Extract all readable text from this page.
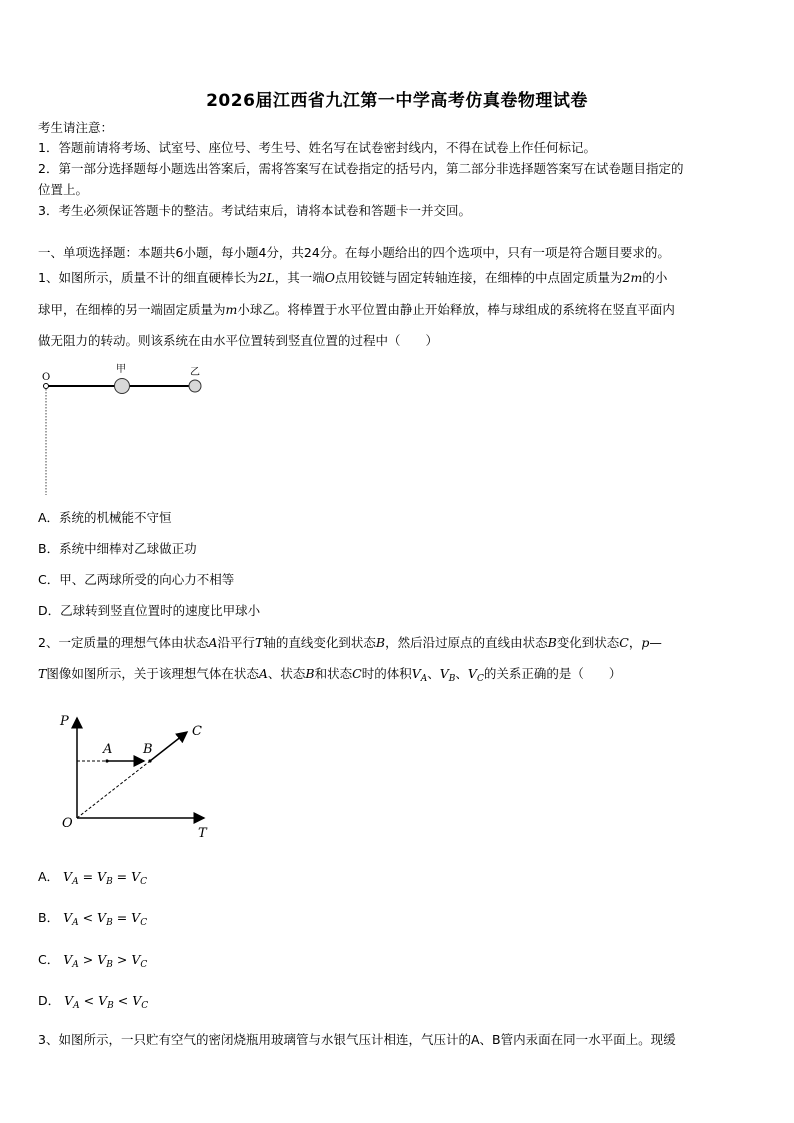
2026届江西省九江第一中学高考仿真卷物理试卷
考生请注意：
1．答题前请将考场、试室号、座位号、考生号、姓名写在试卷密封线内，不得在试卷上作任何标记。
2．第一部分选择题每小题选出答案后，需将答案写在试卷指定的括号内，第二部分非选择题答案写在试卷题目指定的
位置上。
3．考生必须保证答题卡的整洁。考试结束后，请将本试卷和答题卡一并交回。
一、单项选择题：本题共6小题，每小题4分，共24分。在每小题给出的四个选项中，只有一项是符合题目要求的。
1、如图所示，质量不计的细直硬棒长为2L，其一端O点用铰链与固定转轴连接，在细棒的中点固定质量为2m的小
球甲，在细棒的另一端固定质量为m小球乙。将棒置于水平位置由静止开始释放，棒与球组成的系统将在竖直平面内
做无阻力的转动。则该系统在由水平位置转到竖直位置的过程中（　　）
O
甲	乙
A．系统的机械能不守恒
B．系统中细棒对乙球做正功
C．甲、乙两球所受的向心力不相等
D．乙球转到竖直位置时的速度比甲球小
2、一定质量的理想气体由状态A沿平行T轴的直线变化到状态B，然后沿过原点的直线由状态B变化到状态C，p—
T图像如图所示，关于该理想气体在状态A、状态B和状态C时的体积$V_A$、$V_B$、$V_C$的关系正确的是（　　）
P
T
O
A B
C
A． $V_A = V_B = V_C$
B． $V_A < V_B = V_C$
C． $V_A > V_B > V_C$
D． $V_A < V_B < V_C$
3、如图所示，一只贮有空气的密闭烧瓶用玻璃管与水银气压计相连，气压计的A、B管内汞面在同一水平面上。现缓
